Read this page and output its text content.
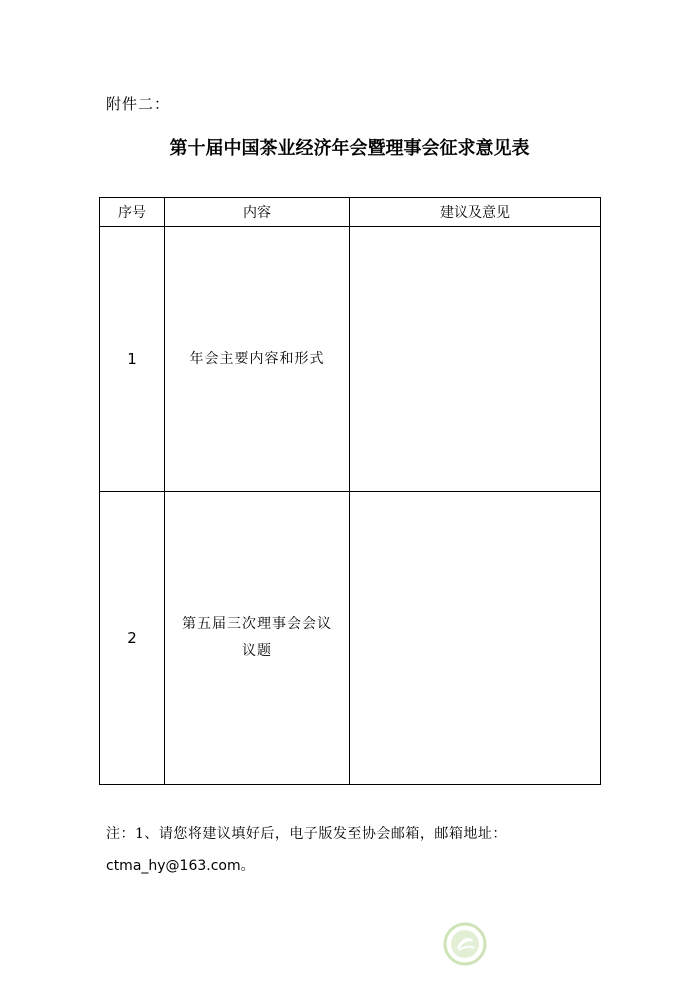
附件二：
第十届中国茶业经济年会暨理事会征求意见表
序号	内容	建议及意见
1	年会主要内容和形式	
2	第五届三次理事会会议议题	
注：1、请您将建议填好后，电子版发至协会邮箱，邮箱地址：
ctma_hy@163.com。
